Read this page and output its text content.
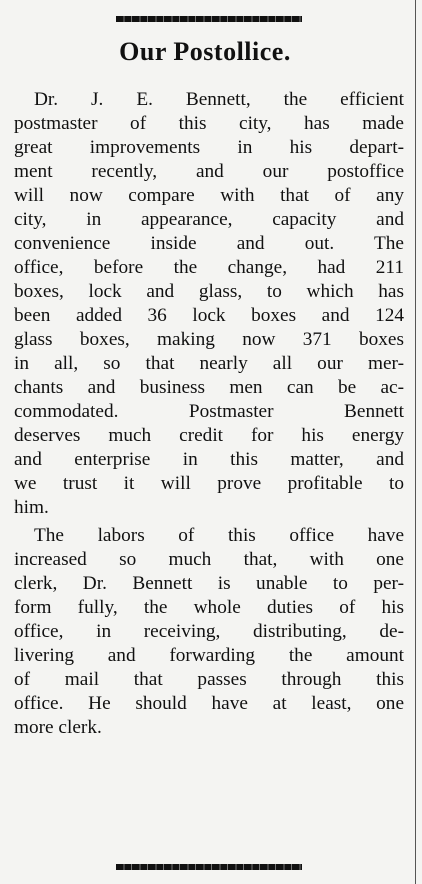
Our Postollice.
Dr. J. E. Bennett, the efficient
postmaster of this city, has made
great improvements in his depart-
ment recently, and our postoffice
will now compare with that of any
city, in appearance, capacity and
convenience inside and out. The
office, before the change, had 211
boxes, lock and glass, to which has
been added 36 lock boxes and 124
glass boxes, making now 371 boxes
in all, so that nearly all our mer-
chants and business men can be ac-
commodated. Postmaster Bennett
deserves much credit for his energy
and enterprise in this matter, and
we trust it will prove profitable to
him.
The labors of this office have
increased so much that, with one
clerk, Dr. Bennett is unable to per-
form fully, the whole duties of his
office, in receiving, distributing, de-
livering and forwarding the amount
of mail that passes through this
office. He should have at least, one
more clerk.
